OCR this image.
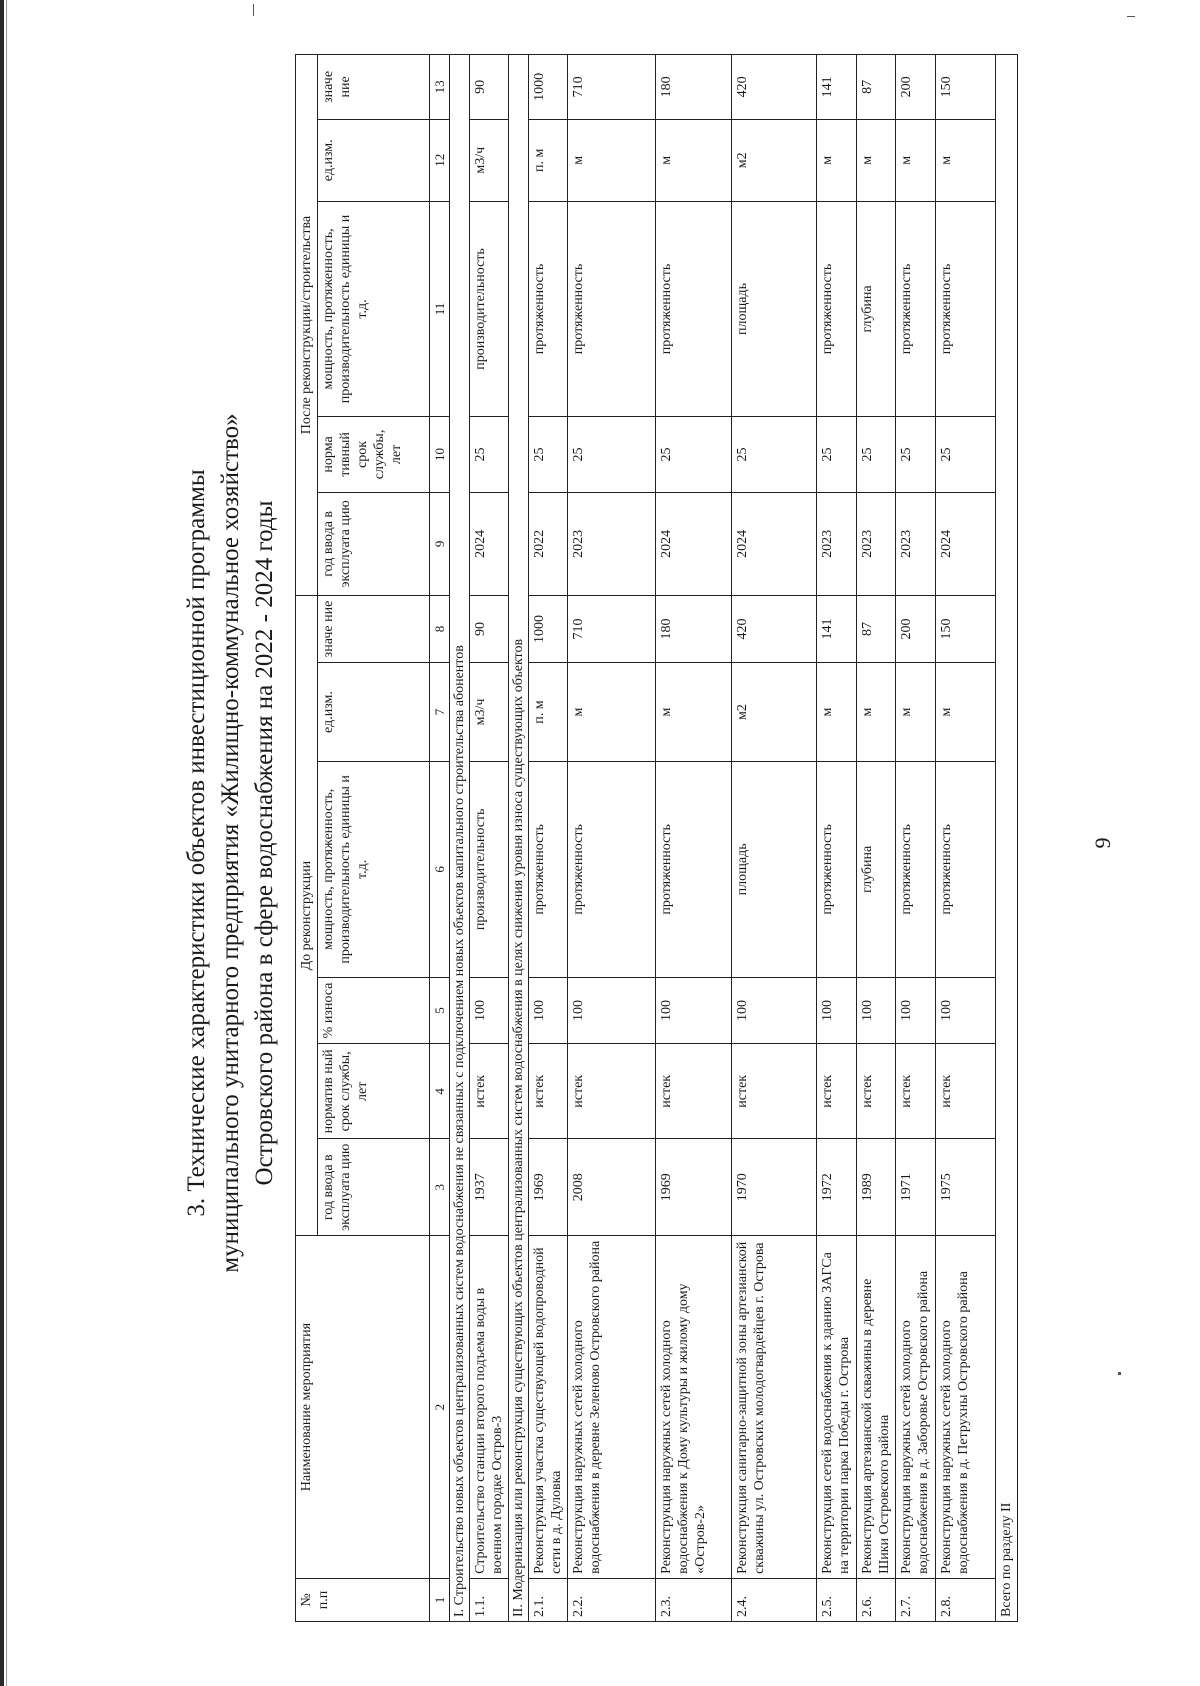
9
3. Технические характеристики объектов инвестиционной программы муниципального унитарного предприятия «Жилищно-коммунальное хозяйство» Островского района в сфере водоснабжения на 2022 - 2024 годы
№ п.п	Наименование мероприятия	До реконструкции						После реконструкции/строительства				
		год ввода в эксплуата цию	норматив ный срок службы, лет	% износа	мощность, протяженность, производительность единицы и т.д.	ед.изм.	значе ние	год ввода в эксплуата цию	норма тивный срок службы, лет	мощность, протяженность, производительность единицы и т.д.	ед.изм.	значе ние
1	2	3	4	5	6	7	8	9	10	11	12	13
I. Строительство новых объектов централизованных систем водоснабжения не связанных с подключением новых объектов капитального строительства абонентов												
1.1.	Строительство станции второго подъема воды в военном городке Остров-3	1937	истек	100	производительность	м3/ч	90	2024	25	производительность	м3/ч	90
II. Модернизация или реконструкция существующих объектов централизованных систем водоснабжения в целях снижения уровня износа существующих объектов												
2.1.	Реконструкция участка существующей водопроводной сети в д. Дуловка	1969	истек	100	протяженность	п. м	1000	2022	25	протяженность	п. м	1000
2.2.	Реконструкция наружных сетей холодного водоснабжения в деревне Зеленово Островского района	2008	истек	100	протяженность	м	710	2023	25	протяженность	м	710
2.3.	Реконструкция наружных сетей холодного водоснабжения к Дому культуры и жилому дому «Остров-2»	1969	истек	100	протяженность	м	180	2024	25	протяженность	м	180
2.4.	Реконструкция санитарно-защитной зоны артезианской скважины ул. Островских молодогвардейцев г. Острова	1970	истек	100	площадь	м2	420	2024	25	площадь	м2	420
2.5.	Реконструкция сетей водоснабжения к зданию ЗАГСа на территории парка Победы г. Острова	1972	истек	100	протяженность	м	141	2023	25	протяженность	м	141
2.6.	Реконструкция артезианской скважины в деревне Шики Островского района	1989	истек	100	глубина	м	87	2023	25	глубина	м	87
2.7.	Реконструкция наружных сетей холодного водоснабжения в д. Заборовье Островского района	1971	истек	100	протяженность	м	200	2023	25	протяженность	м	200
2.8.	Реконструкция наружных сетей холодного водоснабжения в д. Петрухны Островского района	1975	истек	100	протяженность	м	150	2024	25	протяженность	м	150
Всего по разделу II												
